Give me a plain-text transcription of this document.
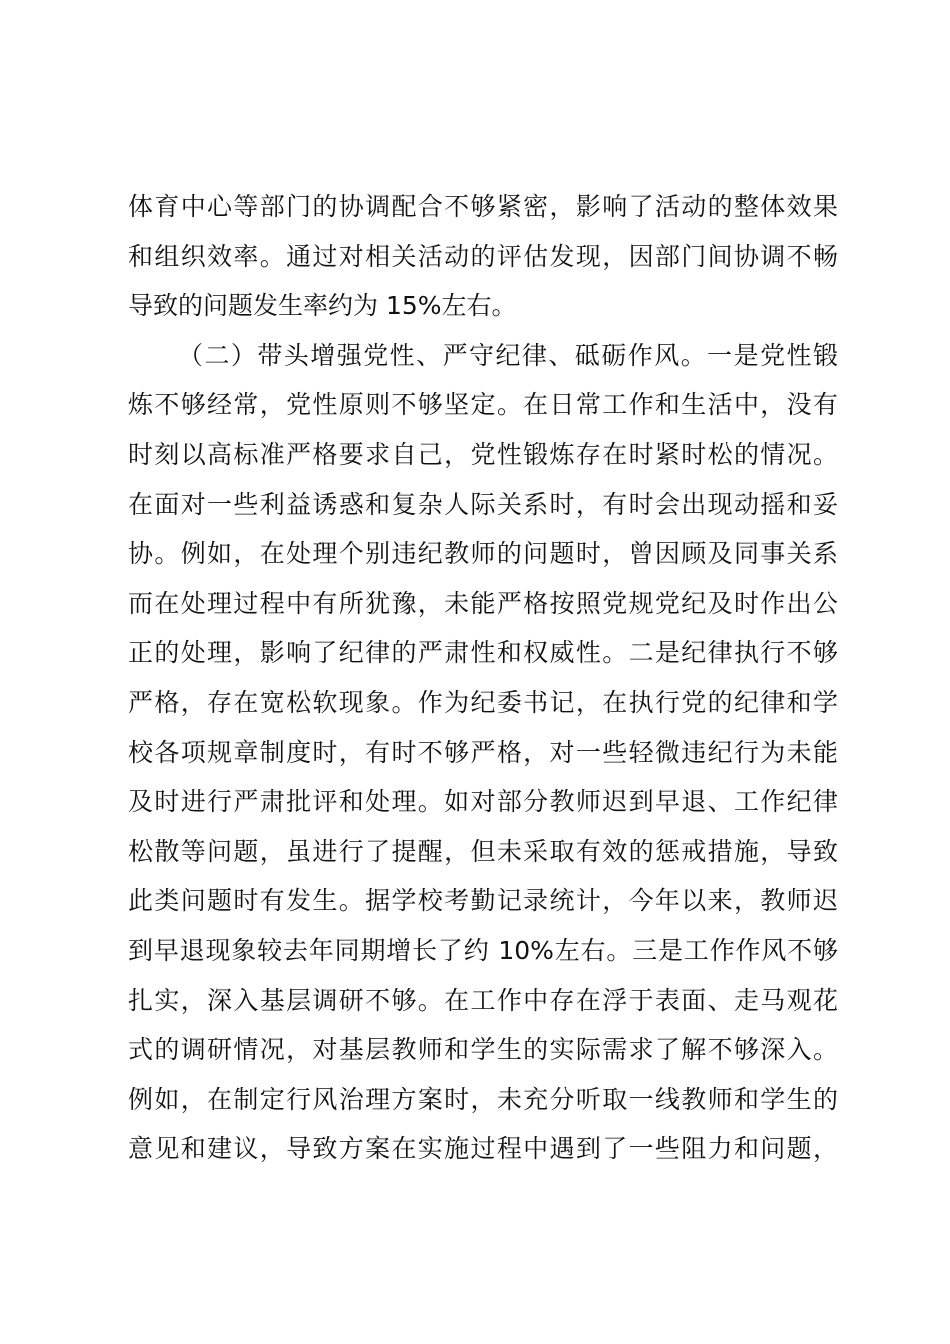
体育中心等部门的协调配合不够紧密，影响了活动的整体效果
和组织效率。通过对相关活动的评估发现，因部门间协调不畅
导致的问题发生率约为 15%左右。
（二）带头增强党性、严守纪律、砥砺作风。一是党性锻
炼不够经常，党性原则不够坚定。在日常工作和生活中，没有
时刻以高标准严格要求自己，党性锻炼存在时紧时松的情况。
在面对一些利益诱惑和复杂人际关系时，有时会出现动摇和妥
协。例如，在处理个别违纪教师的问题时，曾因顾及同事关系
而在处理过程中有所犹豫，未能严格按照党规党纪及时作出公
正的处理，影响了纪律的严肃性和权威性。二是纪律执行不够
严格，存在宽松软现象。作为纪委书记，在执行党的纪律和学
校各项规章制度时，有时不够严格，对一些轻微违纪行为未能
及时进行严肃批评和处理。如对部分教师迟到早退、工作纪律
松散等问题，虽进行了提醒，但未采取有效的惩戒措施，导致
此类问题时有发生。据学校考勤记录统计，今年以来，教师迟
到早退现象较去年同期增长了约 10%左右。三是工作作风不够
扎实，深入基层调研不够。在工作中存在浮于表面、走马观花
式的调研情况，对基层教师和学生的实际需求了解不够深入。
例如，在制定行风治理方案时，未充分听取一线教师和学生的
意见和建议，导致方案在实施过程中遇到了一些阻力和问题，
